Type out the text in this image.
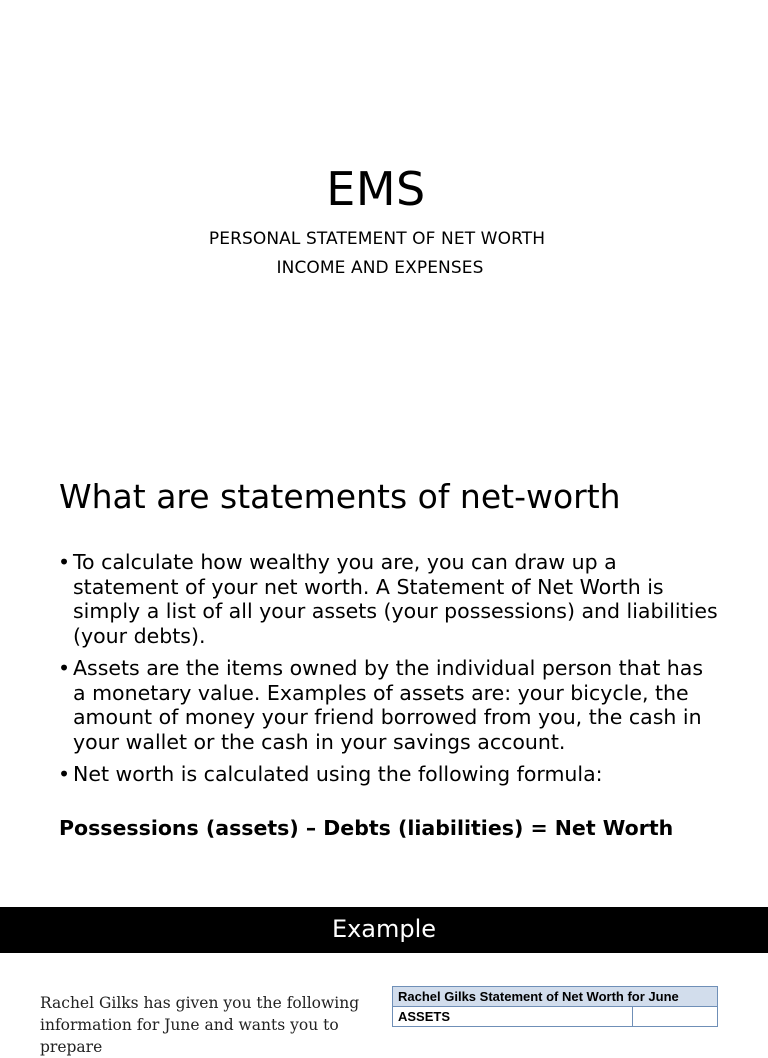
EMS
PERSONAL STATEMENT OF NET WORTH
INCOME AND EXPENSES
What are statements of net-worth
• To calculate how wealthy you are, you can draw up a statement of your net worth. A Statement of Net Worth is simply a list of all your assets (your possessions) and liabilities (your debts).
• Assets are the items owned by the individual person that has a monetary value. Examples of assets are: your bicycle, the amount of money your friend borrowed from you, the cash in your wallet or the cash in your savings account.
• Net worth is calculated using the following formula:
Possessions (assets) – Debts (liabilities) = Net Worth
Example
Rachel Gilks has given you the following information for June and wants you to prepare
Rachel Gilks Statement of Net Worth for June
ASSETS	
